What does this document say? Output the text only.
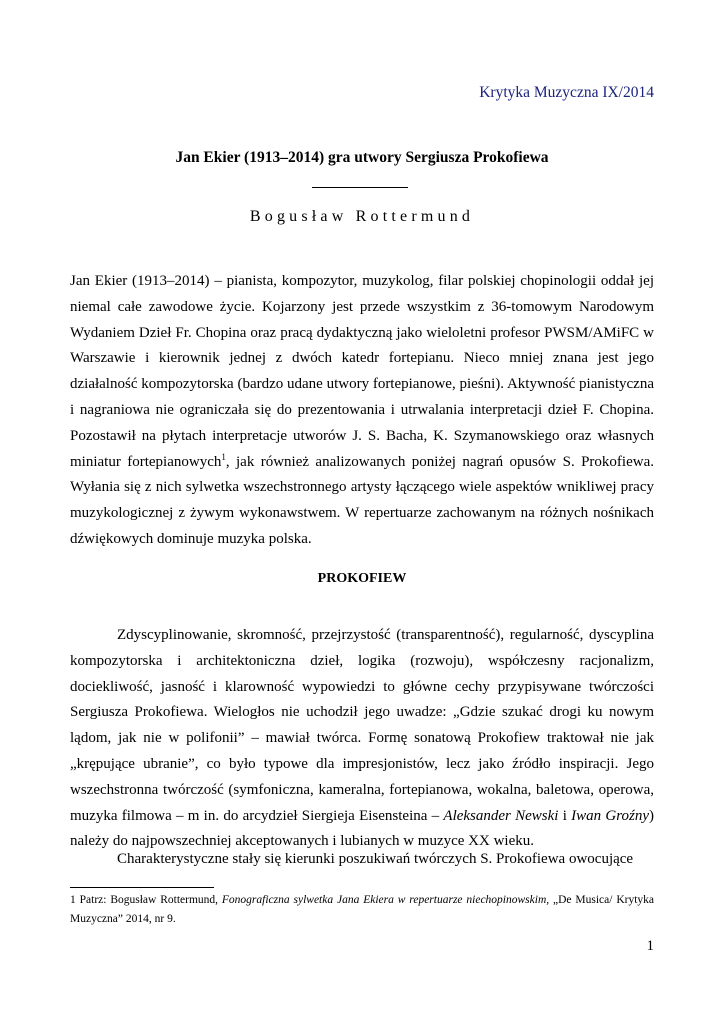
Krytyka Muzyczna IX/2014
Jan Ekier (1913–2014) gra utwory Sergiusza Prokofiewa
Bogusław Rottermund

Jan Ekier (1913–2014) – pianista, kompozytor, muzykolog, filar polskiej chopinologii oddał jej niemal całe zawodowe życie. Kojarzony jest przede wszystkim z 36-tomowym Narodowym Wydaniem Dzieł Fr. Chopina oraz pracą dydaktyczną jako wieloletni profesor PWSM/AMiFC w Warszawie i kierownik jednej z dwóch katedr fortepianu. Nieco mniej znana jest jego działalność kompozytorska (bardzo udane utwory fortepianowe, pieśni). Aktywność pianistyczna i nagraniowa nie ograniczała się do prezentowania i utrwalania interpretacji dzieł F. Chopina. Pozostawił na płytach interpretacje utworów J. S. Bacha, K. Szymanowskiego oraz własnych miniatur fortepianowych$^1$, jak również analizowanych poniżej nagrań opusów S. Prokofiewa. Wyłania się z nich sylwetka wszechstronnego artysty łączącego wiele aspektów wnikliwej pracy muzykologicznej z żywym wykonawstwem. W repertuarze zachowanym na różnych nośnikach dźwiękowych dominuje muzyka polska.

PROKOFIEW

Zdyscyplinowanie, skromność, przejrzystość (transparentność), regularność, dyscyplina kompozytorska i architektoniczna dzieł, logika (rozwoju), współczesny racjonalizm, dociekliwość, jasność i klarowność wypowiedzi to główne cechy przypisywane twórczości Sergiusza Prokofiewa. Wielogłos nie uchodził jego uwadze: „Gdzie szukać drogi ku nowym lądom, jak nie w polifonii” – mawiał twórca. Formę sonatową Prokofiew traktował nie jak „krępujące ubranie”, co było typowe dla impresjonistów, lecz jako źródło inspiracji. Jego wszechstronna twórczość (symfoniczna, kameralna, fortepianowa, wokalna, baletowa, operowa, muzyka filmowa – m in. do arcydzieł Siergieja Eisensteina – Aleksander Newski i Iwan Groźny) należy do najpowszechniej akceptowanych i lubianych w muzyce XX wieku.

Charakterystyczne stały się kierunki poszukiwań twórczych S. Prokofiewa owocujące

1 Patrz: Bogusław Rottermund, Fonograficzna sylwetka Jana Ekiera w repertuarze niechopinowskim, „De Musica/ Krytyka Muzyczna” 2014, nr 9.

1
